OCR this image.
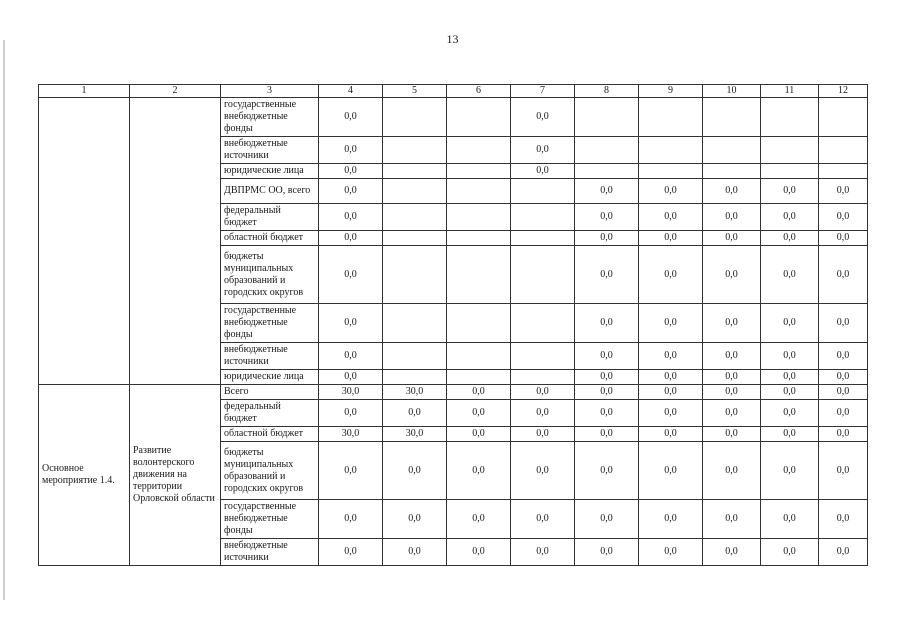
13
1	2	3	4	5	6	7	8	9	10	11	12
		государственные внебюджетные фонды	0,0			0,0					
		внебюджетные источники	0,0			0,0					
		юридические лица	0,0			0,0					
		ДВПРМС ОО, всего	0,0				0,0	0,0	0,0	0,0	0,0
		федеральный бюджет	0,0				0,0	0,0	0,0	0,0	0,0
		областной бюджет	0,0				0,0	0,0	0,0	0,0	0,0
		бюджеты муниципальных образований и городских округов	0,0				0,0	0,0	0,0	0,0	0,0
		государственные внебюджетные фонды	0,0				0,0	0,0	0,0	0,0	0,0
		внебюджетные источники	0,0				0,0	0,0	0,0	0,0	0,0
		юридические лица	0,0				0,0	0,0	0,0	0,0	0,0
Основное мероприятие 1.4.	Развитие волонтерского движения на территории Орловской области	Всего	30,0	30,0	0,0	0,0	0,0	0,0	0,0	0,0	0,0
		федеральный бюджет	0,0	0,0	0,0	0,0	0,0	0,0	0,0	0,0	0,0
		областной бюджет	30,0	30,0	0,0	0,0	0,0	0,0	0,0	0,0	0,0
		бюджеты муниципальных образований и городских округов	0,0	0,0	0,0	0,0	0,0	0,0	0,0	0,0	0,0
		государственные внебюджетные фонды	0,0	0,0	0,0	0,0	0,0	0,0	0,0	0,0	0,0
		внебюджетные источники	0,0	0,0	0,0	0,0	0,0	0,0	0,0	0,0	0,0
